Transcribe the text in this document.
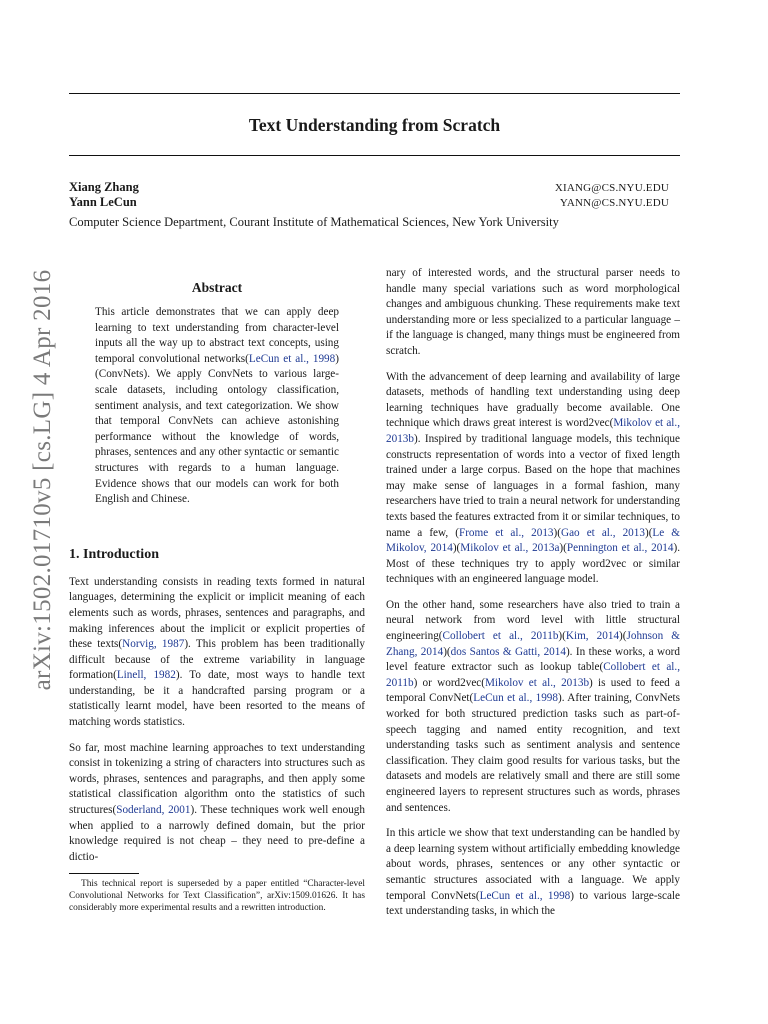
Text Understanding from Scratch
Xiang Zhang	XIANG@CS.NYU.EDU
Yann LeCun	YANN@CS.NYU.EDU
Computer Science Department, Courant Institute of Mathematical Sciences, New York University
arXiv:1502.01710v5 [cs.LG] 4 Apr 2016	Abstract
This article demonstrates that we can apply deep learning to text understanding from character-level inputs all the way up to abstract text concepts, using temporal convolutional networks(LeCun et al., 1998) (ConvNets). We apply ConvNets to various large-scale datasets, including ontology classification, sentiment analysis, and text categorization. We show that temporal ConvNets can achieve astonishing performance without the knowledge of words, phrases, sentences and any other syntactic or semantic structures with regards to a human language. Evidence shows that our models can work for both English and Chinese.
1. Introduction

Text understanding consists in reading texts formed in natural languages, determining the explicit or implicit meaning of each elements such as words, phrases, sentences and paragraphs, and making inferences about the implicit or explicit properties of these texts(Norvig, 1987). This problem has been traditionally difficult because of the extreme variability in language formation(Linell, 1982). To date, most ways to handle text understanding, be it a handcrafted parsing program or a statistically learnt model, have been resorted to the means of matching words statistics.

So far, most machine learning approaches to text understanding consist in tokenizing a string of characters into structures such as words, phrases, sentences and paragraphs, and then apply some statistical classification algorithm onto the statistics of such structures(Soderland, 2001). These techniques work well enough when applied to a narrowly defined domain, but the prior knowledge required is not cheap – they need to pre-define a dictio-

nary of interested words, and the structural parser needs to handle many special variations such as word morphological changes and ambiguous chunking. These requirements make text understanding more or less specialized to a particular language – if the language is changed, many things must be engineered from scratch.

With the advancement of deep learning and availability of large datasets, methods of handling text understanding using deep learning techniques have gradually become available. One technique which draws great interest is word2vec(Mikolov et al., 2013b). Inspired by traditional language models, this technique constructs representation of words into a vector of fixed length trained under a large corpus. Based on the hope that machines may make sense of languages in a formal fashion, many researchers have tried to train a neural network for understanding texts based the features extracted from it or similar techniques, to name a few, (Frome et al., 2013)(Gao et al., 2013)(Le & Mikolov, 2014)(Mikolov et al., 2013a)(Pennington et al., 2014). Most of these techniques try to apply word2vec or similar techniques with an engineered language model.

On the other hand, some researchers have also tried to train a neural network from word level with little structural engineering(Collobert et al., 2011b)(Kim, 2014)(Johnson & Zhang, 2014)(dos Santos & Gatti, 2014). In these works, a word level feature extractor such as lookup table(Collobert et al., 2011b) or word2vec(Mikolov et al., 2013b) is used to feed a temporal ConvNet(LeCun et al., 1998). After training, ConvNets worked for both structured prediction tasks such as part-of-speech tagging and named entity recognition, and text understanding tasks such as sentiment analysis and sentence classification. They claim good results for various tasks, but the datasets and models are relatively small and there are still some engineered layers to represent structures such as words, phrases and sentences.

In this article we show that text understanding can be handled by a deep learning system without artificially embedding knowledge about words, phrases, sentences or any other syntactic or semantic structures associated with a language. We apply temporal ConvNets(LeCun et al., 1998) to various large-scale text understanding tasks, in which the

This technical report is superseded by a paper entitled “Character-level Convolutional Networks for Text Classification”, arXiv:1509.01626. It has considerably more experimental results and a rewritten introduction.
